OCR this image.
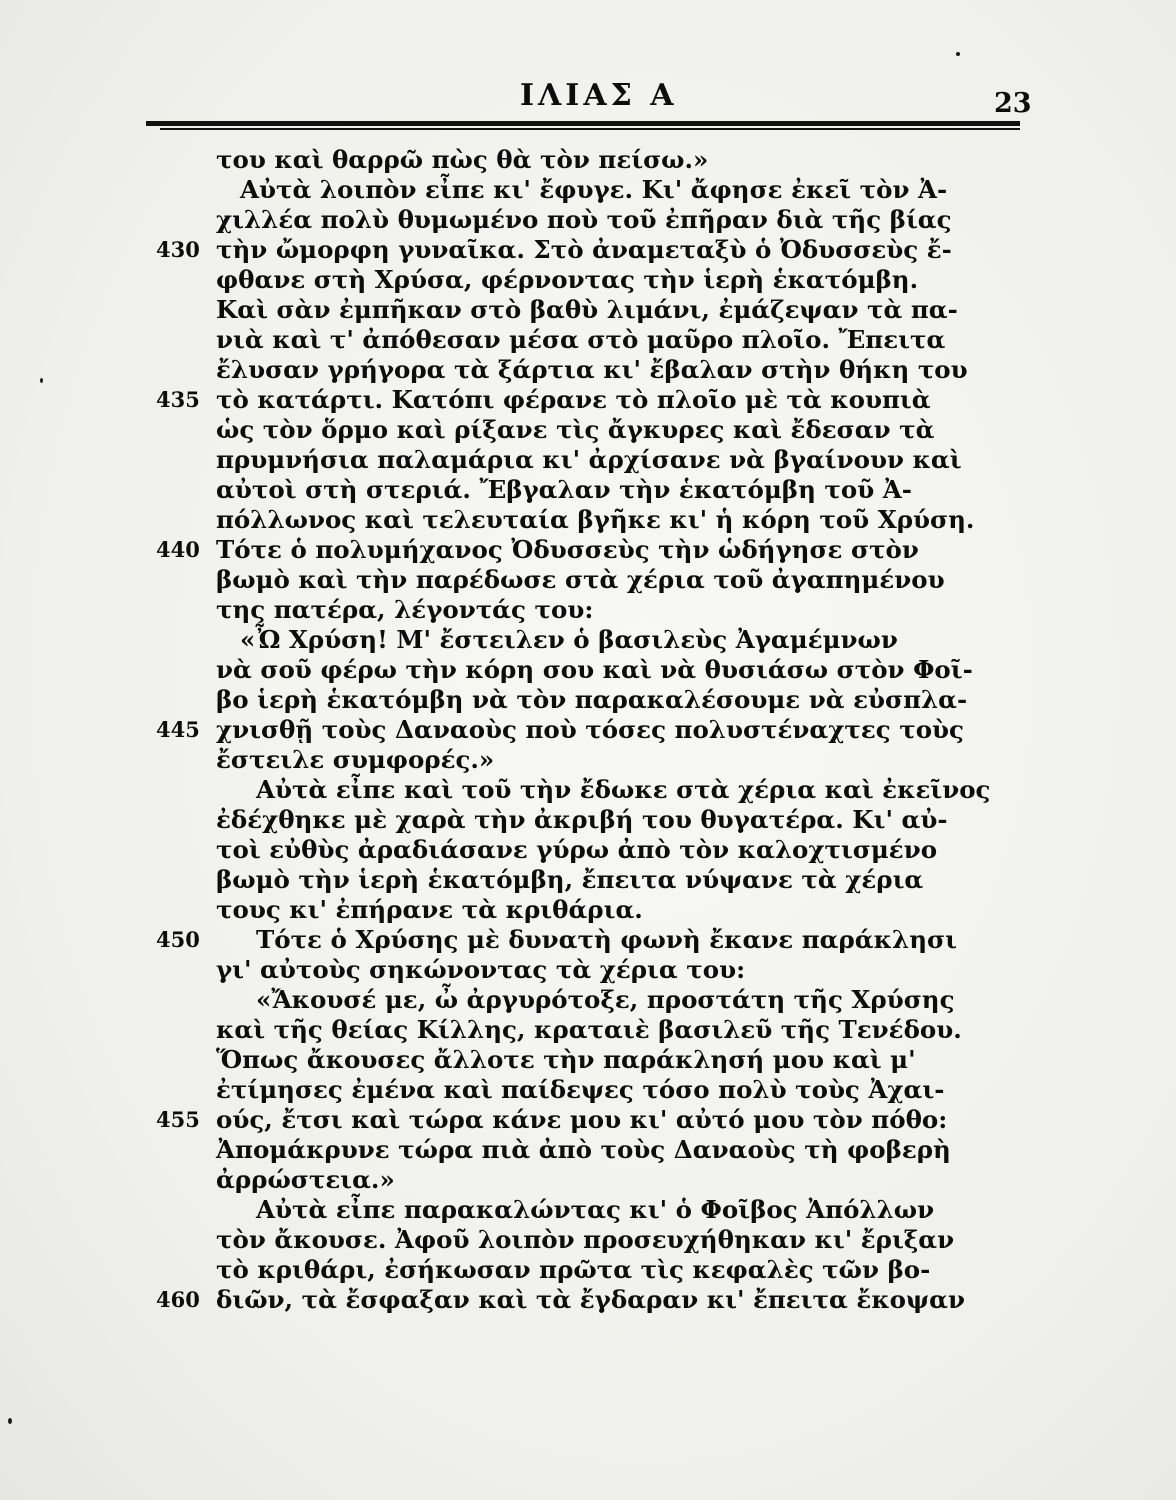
ΙΛΙΑΣ Α	23
του καὶ θαρρῶ πὼς θὰ τὸν πείσω.»
Αὐτὰ λοιπὸν εἶπε κι' ἔφυγε. Κι' ἄφησε ἐκεῖ τὸν Ἀ-
χιλλέα πολὺ θυμωμένο ποὺ τοῦ ἐπῆραν διὰ τῆς βίας
430 τὴν ὤμορφη γυναῖκα. Στὸ ἀναμεταξὺ ὁ Ὀδυσσεὺς ἔ-
φθανε στὴ Χρύσα, φέρνοντας τὴν ἱερὴ ἑκατόμβη.
Καὶ σὰν ἐμπῆκαν στὸ βαθὺ λιμάνι, ἐμάζεψαν τὰ πα-
νιὰ καὶ τ' ἀπόθεσαν μέσα στὸ μαῦρο πλοῖο. Ἔπειτα
ἔλυσαν γρήγορα τὰ ξάρτια κι' ἔβαλαν στὴν θήκη του
435 τὸ κατάρτι. Κατόπι φέρανε τὸ πλοῖο μὲ τὰ κουπιὰ
ὡς τὸν ὅρμο καὶ ρίξανε τὶς ἄγκυρες καὶ ἔδεσαν τὰ
πρυμνήσια παλαμάρια κι' ἀρχίσανε νὰ βγαίνουν καὶ
αὐτοὶ στὴ στεριά. Ἔβγαλαν τὴν ἑκατόμβη τοῦ Ἀ-
πόλλωνος καὶ τελευταία βγῆκε κι' ἡ κόρη τοῦ Χρύση.
440 Τότε ὁ πολυμήχανος Ὀδυσσεὺς τὴν ὡδήγησε στὸν
βωμὸ καὶ τὴν παρέδωσε στὰ χέρια τοῦ ἀγαπημένου
της πατέρα, λέγοντάς του:
«Ὦ Χρύση! Μ' ἔστειλεν ὁ βασιλεὺς Ἀγαμέμνων
νὰ σοῦ φέρω τὴν κόρη σου καὶ νὰ θυσιάσω στὸν Φοῖ-
βο ἱερὴ ἑκατόμβη νὰ τὸν παρακαλέσουμε νὰ εὐσπλα-
445 χνισθῇ τοὺς Δαναοὺς ποὺ τόσες πολυστέναχτες τοὺς
ἔστειλε συμφορές.»
Αὐτὰ εἶπε καὶ τοῦ τὴν ἔδωκε στὰ χέρια καὶ ἐκεῖνος
ἐδέχθηκε μὲ χαρὰ τὴν ἀκριβή του θυγατέρα. Κι' αὐ-
τοὶ εὐθὺς ἀραδιάσανε γύρω ἀπὸ τὸν καλοχτισμένο
βωμὸ τὴν ἱερὴ ἑκατόμβη, ἔπειτα νύψανε τὰ χέρια
τους κι' ἐπήρανε τὰ κριθάρια.
450	Τότε ὁ Χρύσης μὲ δυνατὴ φωνὴ ἔκανε παράκλησι
γι' αὐτοὺς σηκώνοντας τὰ χέρια του:
«Ἄκουσέ με, ὦ ἀργυρότοξε, προστάτη τῆς Χρύσης
καὶ τῆς θείας Κίλλης, κραταιὲ βασιλεῦ τῆς Τενέδου.
Ὅπως ἄκουσες ἄλλοτε τὴν παράκλησή μου καὶ μ'
ἐτίμησες ἐμένα καὶ παίδεψες τόσο πολὺ τοὺς Ἀχαι-
455 ούς, ἔτσι καὶ τώρα κάνε μου κι' αὐτό μου τὸν πόθο:
Ἀπομάκρυνε τώρα πιὰ ἀπὸ τοὺς Δαναοὺς τὴ φοβερὴ
ἀρρώστεια.»
Αὐτὰ εἶπε παρακαλώντας κι' ὁ Φοῖβος Ἀπόλλων
τὸν ἄκουσε. Ἀφοῦ λοιπὸν προσευχήθηκαν κι' ἔριξαν
τὸ κριθάρι, ἐσήκωσαν πρῶτα τὶς κεφαλὲς τῶν βο-
460 διῶν, τὰ ἔσφαξαν καὶ τὰ ἔγδαραν κι' ἔπειτα ἔκοψαν
